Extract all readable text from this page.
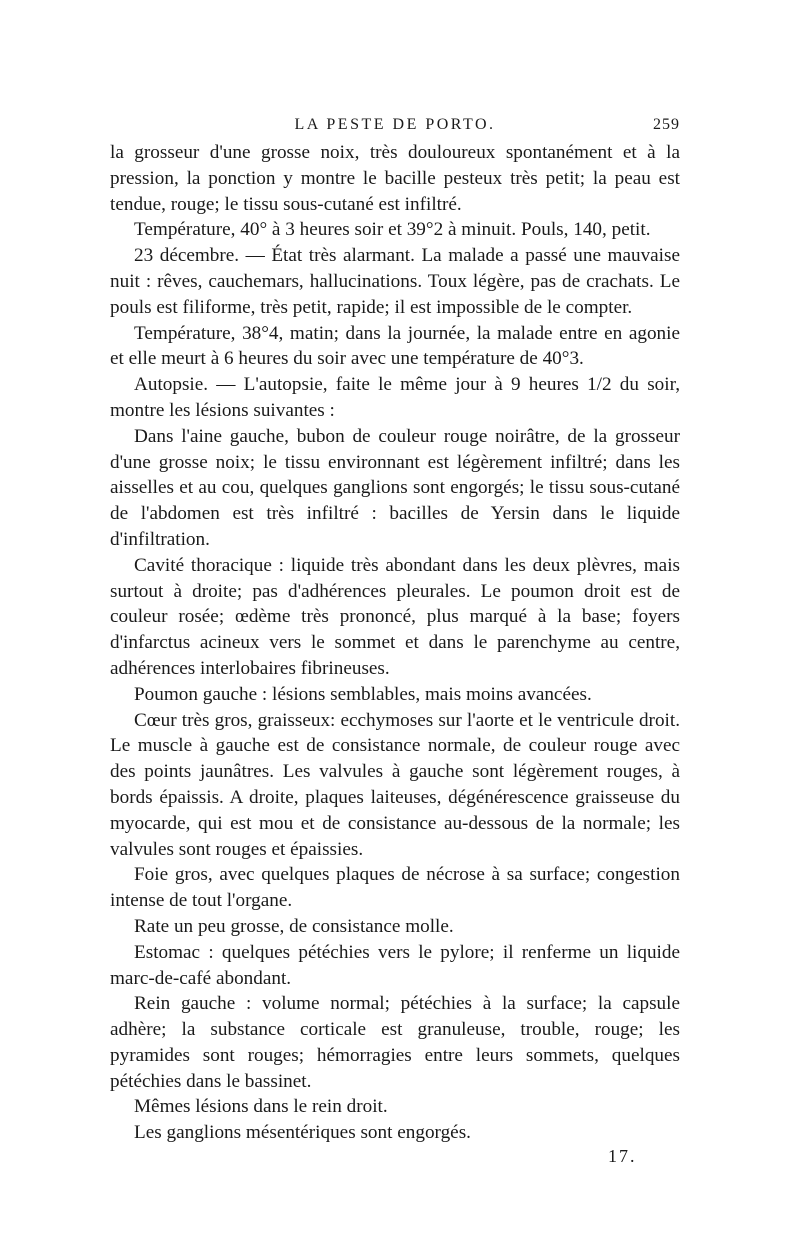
LA PESTE DE PORTO.	259

la grosseur d'une grosse noix, très douloureux spontanément et à la pression, la ponction y montre le bacille pesteux très petit; la peau est tendue, rouge; le tissu sous-cutané est infiltré.

Température, 40° à 3 heures soir et 39°2 à minuit. Pouls, 140, petit.

23 décembre. — État très alarmant. La malade a passé une mauvaise nuit : rêves, cauchemars, hallucinations. Toux légère, pas de crachats. Le pouls est filiforme, très petit, rapide; il est impossible de le compter.

Température, 38°4, matin; dans la journée, la malade entre en agonie et elle meurt à 6 heures du soir avec une température de 40°3.

Autopsie. — L'autopsie, faite le même jour à 9 heures 1/2 du soir, montre les lésions suivantes :

Dans l'aine gauche, bubon de couleur rouge noirâtre, de la grosseur d'une grosse noix; le tissu environnant est légèrement infiltré; dans les aisselles et au cou, quelques ganglions sont engorgés; le tissu sous-cutané de l'abdomen est très infiltré : bacilles de Yersin dans le liquide d'infiltration.

Cavité thoracique : liquide très abondant dans les deux plèvres, mais surtout à droite; pas d'adhérences pleurales. Le poumon droit est de couleur rosée; œdème très prononcé, plus marqué à la base; foyers d'infarctus acineux vers le sommet et dans le parenchyme au centre, adhérences interlobaires fibrineuses.

Poumon gauche : lésions semblables, mais moins avancées.

Cœur très gros, graisseux: ecchymoses sur l'aorte et le ventricule droit. Le muscle à gauche est de consistance normale, de couleur rouge avec des points jaunâtres. Les valvules à gauche sont légèrement rouges, à bords épaissis. A droite, plaques laiteuses, dégénérescence graisseuse du myocarde, qui est mou et de consistance au-dessous de la normale; les valvules sont rouges et épaissies.

Foie gros, avec quelques plaques de nécrose à sa surface; congestion intense de tout l'organe.

Rate un peu grosse, de consistance molle.

Estomac : quelques pétéchies vers le pylore; il renferme un liquide marc-de-café abondant.

Rein gauche : volume normal; pétéchies à la surface; la capsule adhère; la substance corticale est granuleuse, trouble, rouge; les pyramides sont rouges; hémorragies entre leurs sommets, quelques pétéchies dans le bassinet.

Mêmes lésions dans le rein droit.

Les ganglions mésentériques sont engorgés.

17.
